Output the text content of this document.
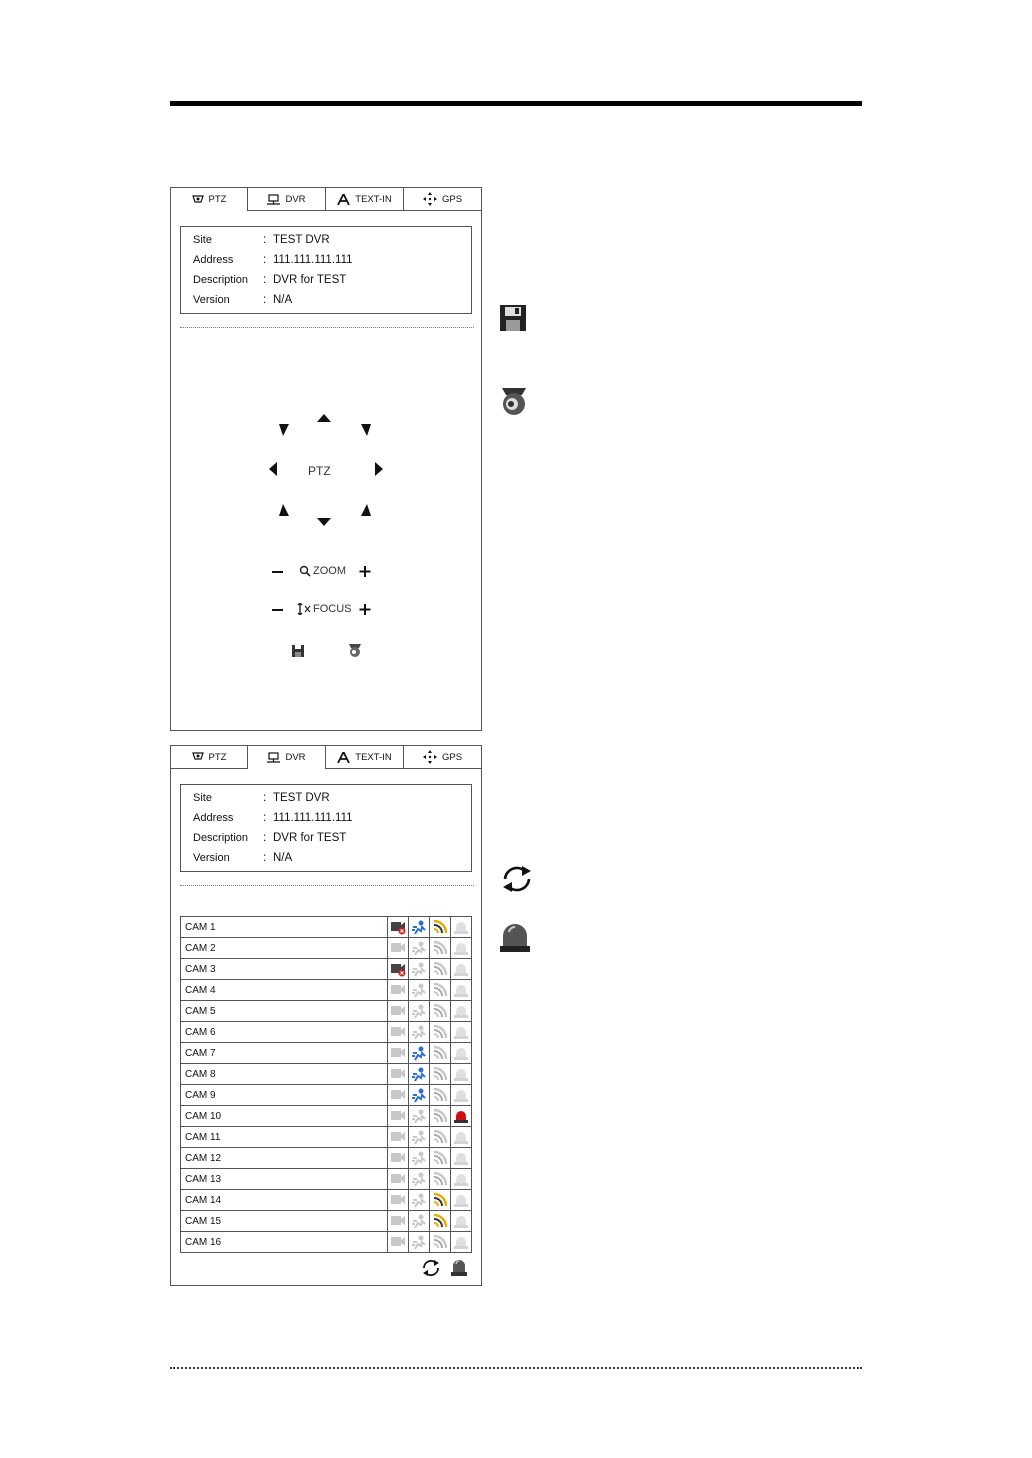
PTZ	DVR	TEXT-IN	GPS
Site	: TEST DVR
Address	: 111.111.111.111
Description	: DVR for TEST
Version	: N/A
PTZ
ZOOM
FOCUS
PTZ	DVR	TEXT-IN	GPS
Site	: TEST DVR
Address	: 111.111.111.111
Description	: DVR for TEST
Version	: N/A
CAM 1				
CAM 2				
CAM 3				
CAM 4				
CAM 5				
CAM 6				
CAM 7				
CAM 8				
CAM 9				
CAM 10				
CAM 11				
CAM 12				
CAM 13				
CAM 14				
CAM 15				
CAM 16				
